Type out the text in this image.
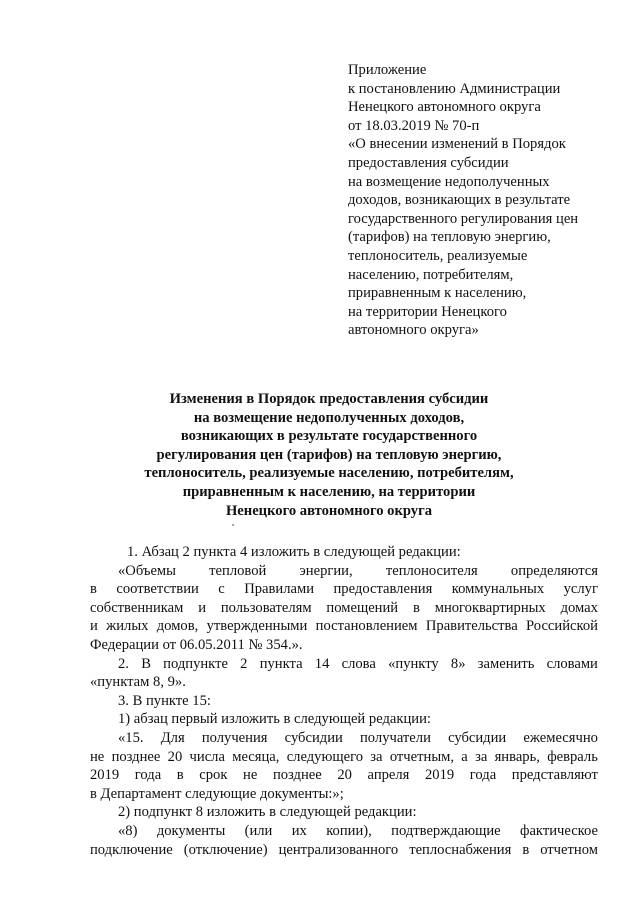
Приложение
к постановлению Администрации
Ненецкого автономного округа
от 18.03.2019 № 70-п
«О внесении изменений в Порядок
предоставления субсидии
на возмещение недополученных
доходов, возникающих в результате
государственного регулирования цен
(тарифов) на тепловую энергию,
теплоноситель, реализуемые
населению, потребителям,
приравненным к населению,
на территории Ненецкого
автономного округа»
Изменения в Порядок предоставления субсидии
на возмещение недополученных доходов,
возникающих в результате государственного
регулирования цен (тарифов) на тепловую энергию,
теплоноситель, реализуемые населению, потребителям,
приравненным к населению, на территории
Ненецкого автономного округа
1. Абзац 2 пункта 4 изложить в следующей редакции:
«Объемы тепловой энергии, теплоносителя определяются
в соответствии с Правилами предоставления коммунальных услуг
собственникам и пользователям помещений в многоквартирных домах
и жилых домов, утвержденными постановлением Правительства Российской
Федерации от 06.05.2011 № 354.».
2. В подпункте 2 пункта 14 слова «пункту 8» заменить словами
«пунктам 8, 9».
3. В пункте 15:
1) абзац первый изложить в следующей редакции:
«15. Для получения субсидии получатели субсидии ежемесячно
не позднее 20 числа месяца, следующего за отчетным, а за январь, февраль
2019 года в срок не позднее 20 апреля 2019 года представляют
в Департамент следующие документы:»;
2) подпункт 8 изложить в следующей редакции:
«8) документы (или их копии), подтверждающие фактическое
подключение (отключение) централизованного теплоснабжения в отчетном
